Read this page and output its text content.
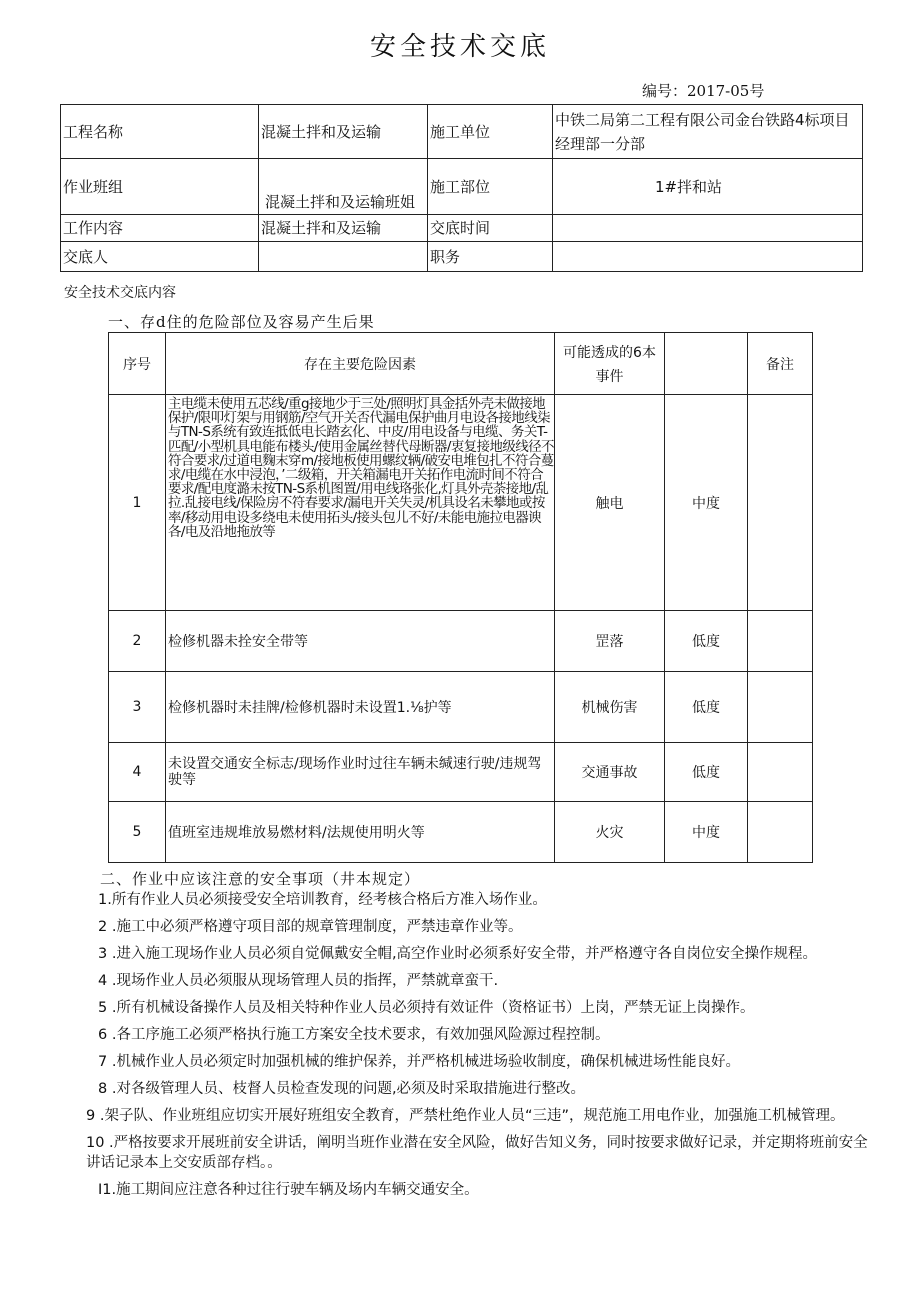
安全技术交底
编号：2017-05号
工程名称	混凝土拌和及运输	施工单位	中铁二局第二工程有限公司金台铁路4标项目
经理部一分部

作业班组	混凝土拌和及运输班姐	施工部位	1#拌和站
工作内容	混凝土拌和及运输	交底时间	
交底人		职务	
安全技术交底内容
一、存d住的危险部位及容易产生后果
序号	存在主要危险因素	可能透成的6本
事件		备注
1	主电缆未使用五芯线/重g接地少于三处/照明灯具金括外壳未做接地保护/限叩灯架与用钢筋/空气开关否代漏电保护曲月电设各接地线柒与TN-S系统有致连抵低电长踏玄化、中皮/用电设备与电缆、务关T-匹配/小型机具电能布楼头/使用金属丝替代母断器/衷复接地级线径不符合要求/过道电麴末穿m/接地板使用螺纹辆/破安电堆包扎不符合蔓求/电缆在水中浸泡，’二级箱，开关箱漏电开关拓作电流时间不符合要求/配电度潞未按TN-S系机图置/用电线珞张化,灯具外壳荼接地/乱拉.乱接电线/保险房不符春要求/漏电开关失灵/机具设名未攀地或按率/移动用电设多绕电未使用拓头/接头包儿不好/未能电施拉电器谀各/电及沿地拖放等	触电	中度	
2	检修机器未拴安全带等	罡落	低度	
3	检修机器时未挂牌/检修机器时未设置1.⅛护等	机械伤害	低度	
4	未设置交通安全标志/现场作业时过往车辆未缄速行驶/违规驾驶等	交通事故	低度	
5	值班室违规堆放易燃材料/法规使用明火等	火灾	中度	
二、作业中应该注意的安全事项（井本规定）

1.所有作业人员必须接受安全培训教育，经考核合格后方准入场作业。

2 .施工中必须严格遵守项目部的规章管理制度，严禁违章作业等。

3 .进入施工现场作业人员必须自觉佩戴安全帽,高空作业时必须系好安全带，并严格遵守各自岗位安全操作规程。

4 .现场作业人员必须服从现场管理人员的指挥，严禁就章蛮干.

5 .所有机械设备操作人员及相关特种作业人员必须持有效证件（资格证书）上岗，严禁无证上岗操作。

6 .各工序施工必须严格执行施工方案安全技术要求，有效加强风险源过程控制。

7 .机械作业人员必须定时加强机械的维护保养，并严格机械进场验收制度，确保机械进场性能良好。

8 .对各级管理人员、枝督人员检查发现的问题,必须及时采取措施进行整改。

9 .架子队、作业班组应切实开展好班组安全教育，严禁杜绝作业人员“三违”，规范施工用电作业，加强施工机械管理。

10 .严格按要求开展班前安全讲话，阐明当班作业潜在安全风险，做好告知义务，同时按要求做好记录，并定期将班前安全讲话记录本上交安质部存档。。

I1.施工期间应注意各种过往行驶车辆及场内车辆交通安全。
